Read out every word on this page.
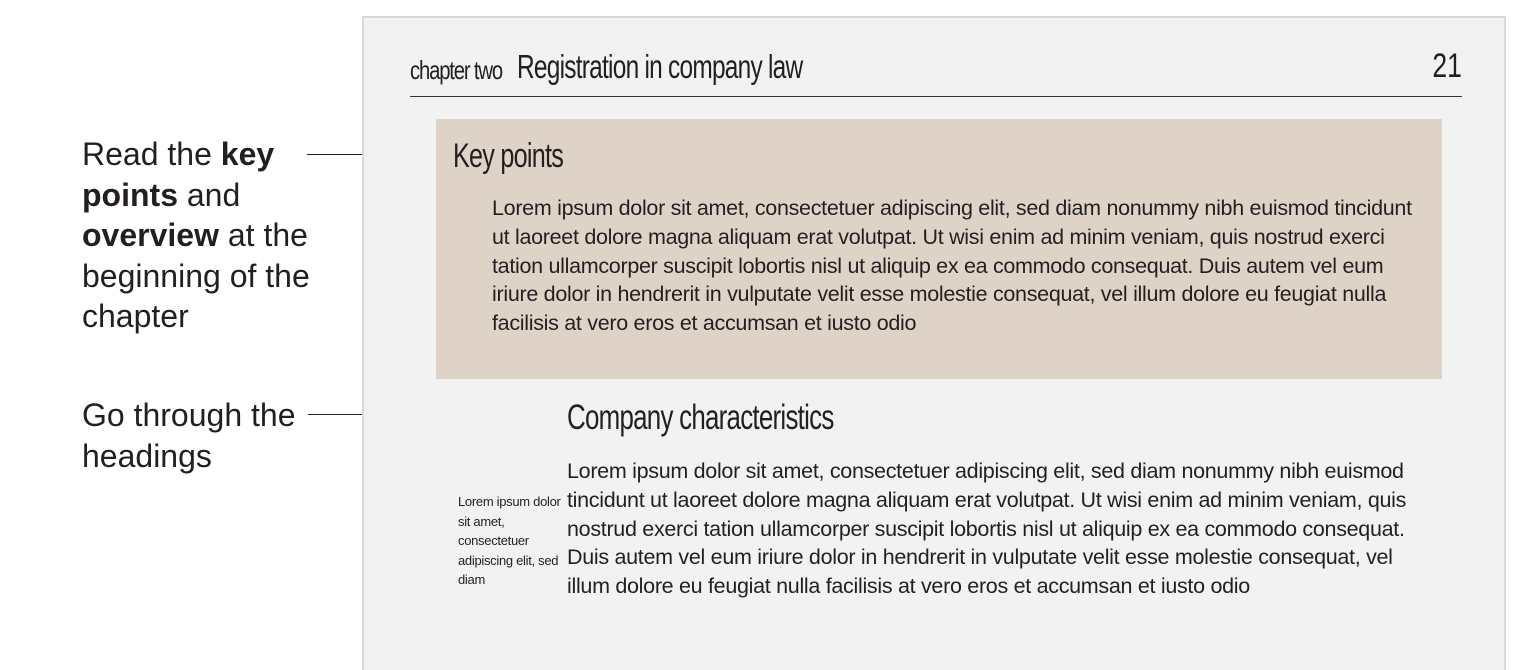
Read the key points and overview at the beginning of the chapter
Go through the headings
chapter two Registration in company law	21
Key points
Lorem ipsum dolor sit amet, consectetuer adipiscing elit, sed diam nonummy nibh euismod tincidunt ut laoreet dolore magna aliquam erat volutpat. Ut wisi enim ad minim veniam, quis nostrud exerci tation ullamcorper suscipit lobortis nisl ut aliquip ex ea commodo consequat. Duis autem vel eum iriure dolor in hendrerit in vulputate velit esse molestie consequat, vel illum dolore eu feugiat nulla facilisis at vero eros et accumsan et iusto odio
Company characteristics
Lorem ipsum dolor sit amet, consectetuer adipiscing elit, sed diam
Lorem ipsum dolor sit amet, consectetuer adipiscing elit, sed diam nonummy nibh euismod tincidunt ut laoreet dolore magna aliquam erat volutpat. Ut wisi enim ad minim veniam, quis nostrud exerci tation ullamcorper suscipit lobortis nisl ut aliquip ex ea commodo consequat. Duis autem vel eum iriure dolor in hendrerit in vulputate velit esse molestie consequat, vel illum dolore eu feugiat nulla facilisis at vero eros et accumsan et iusto odio
